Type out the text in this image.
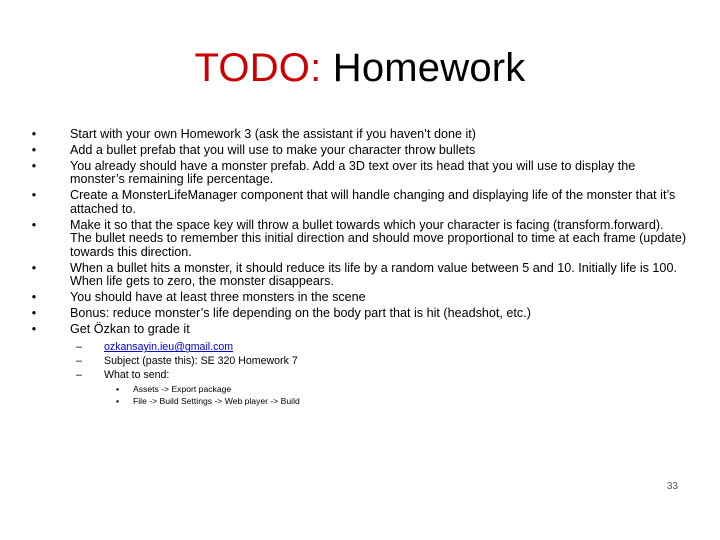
TODO: Homework
•	Start with your own Homework 3 (ask the assistant if you haven’t done it)
•	Add a bullet prefab that you will use to make your character throw bullets
•	You already should have a monster prefab. Add a 3D text over its head that you will use to display the monster’s remaining life percentage.
•	Create a MonsterLifeManager component that will handle changing and displaying life of the monster that it’s attached to.
•	Make it so that the space key will throw a bullet towards which your character is facing (transform.forward). The bullet needs to remember this initial direction and should move proportional to time at each frame (update) towards this direction.
•	When a bullet hits a monster, it should reduce its life by a random value between 5 and 10. Initially life is 100. When life gets to zero, the monster disappears.
•	You should have at least three monsters in the scene
•	Bonus: reduce monster’s life depending on the body part that is hit (headshot, etc.)
•	Get Özkan to grade it
– ozkansayin.ieu@gmail.com
– Subject (paste this): SE 320 Homework 7
– What to send:
▪ Assets -> Export package
▪ File -> Build Settings -> Web player -> Build
33
